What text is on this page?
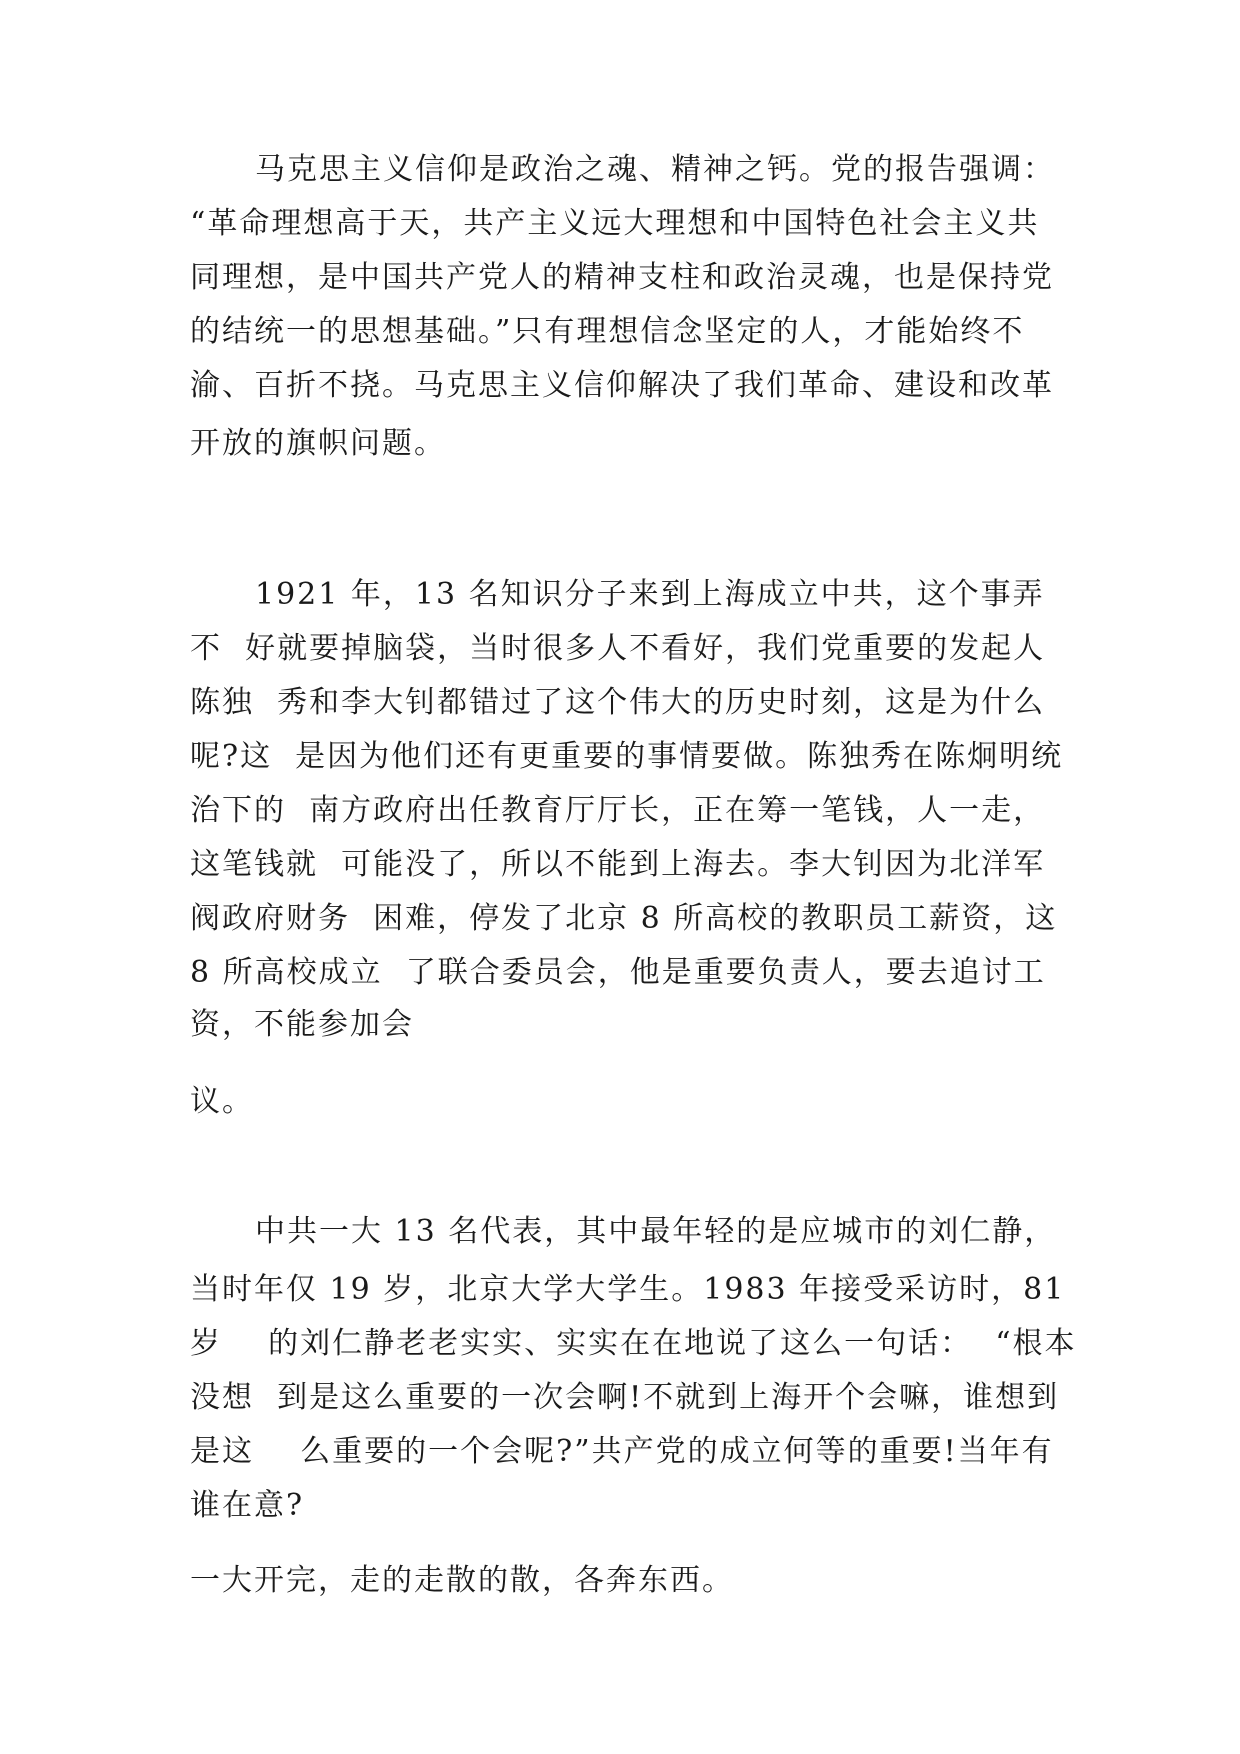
马克思主义信仰是政治之魂、精神之钙。党的报告强调：
“革命理想高于天，共产主义远大理想和中国特色社会主义共
同理想，是中国共产党人的精神支柱和政治灵魂，也是保持党
的结统一的思想基础。”只有理想信念坚定的人，才能始终不
渝、百折不挠。马克思主义信仰解决了我们革命、建设和改革
开放的旗帜问题。
1921 年，13 名知识分子来到上海成立中共，这个事弄
不  好就要掉脑袋，当时很多人不看好，我们党重要的发起人
陈独  秀和李大钊都错过了这个伟大的历史时刻，这是为什么
呢?这  是因为他们还有更重要的事情要做。陈独秀在陈炯明统
治下的  南方政府出任教育厅厅长，正在筹一笔钱，人一走，
这笔钱就  可能没了，所以不能到上海去。李大钊因为北洋军
阀政府财务  困难，停发了北京 8 所高校的教职员工薪资，这
8 所高校成立  了联合委员会，他是重要负责人，要去追讨工
资，不能参加会
议。
中共一大 13 名代表，其中最年轻的是应城市的刘仁静，
当时年仅 19 岁，北京大学大学生。1983 年接受采访时，81
岁    的刘仁静老老实实、实实在在地说了这么一句话：  “根本
没想  到是这么重要的一次会啊!不就到上海开个会嘛，谁想到
是这    么重要的一个会呢?”共产党的成立何等的重要!当年有
谁在意?
一大开完，走的走散的散，各奔东西。
